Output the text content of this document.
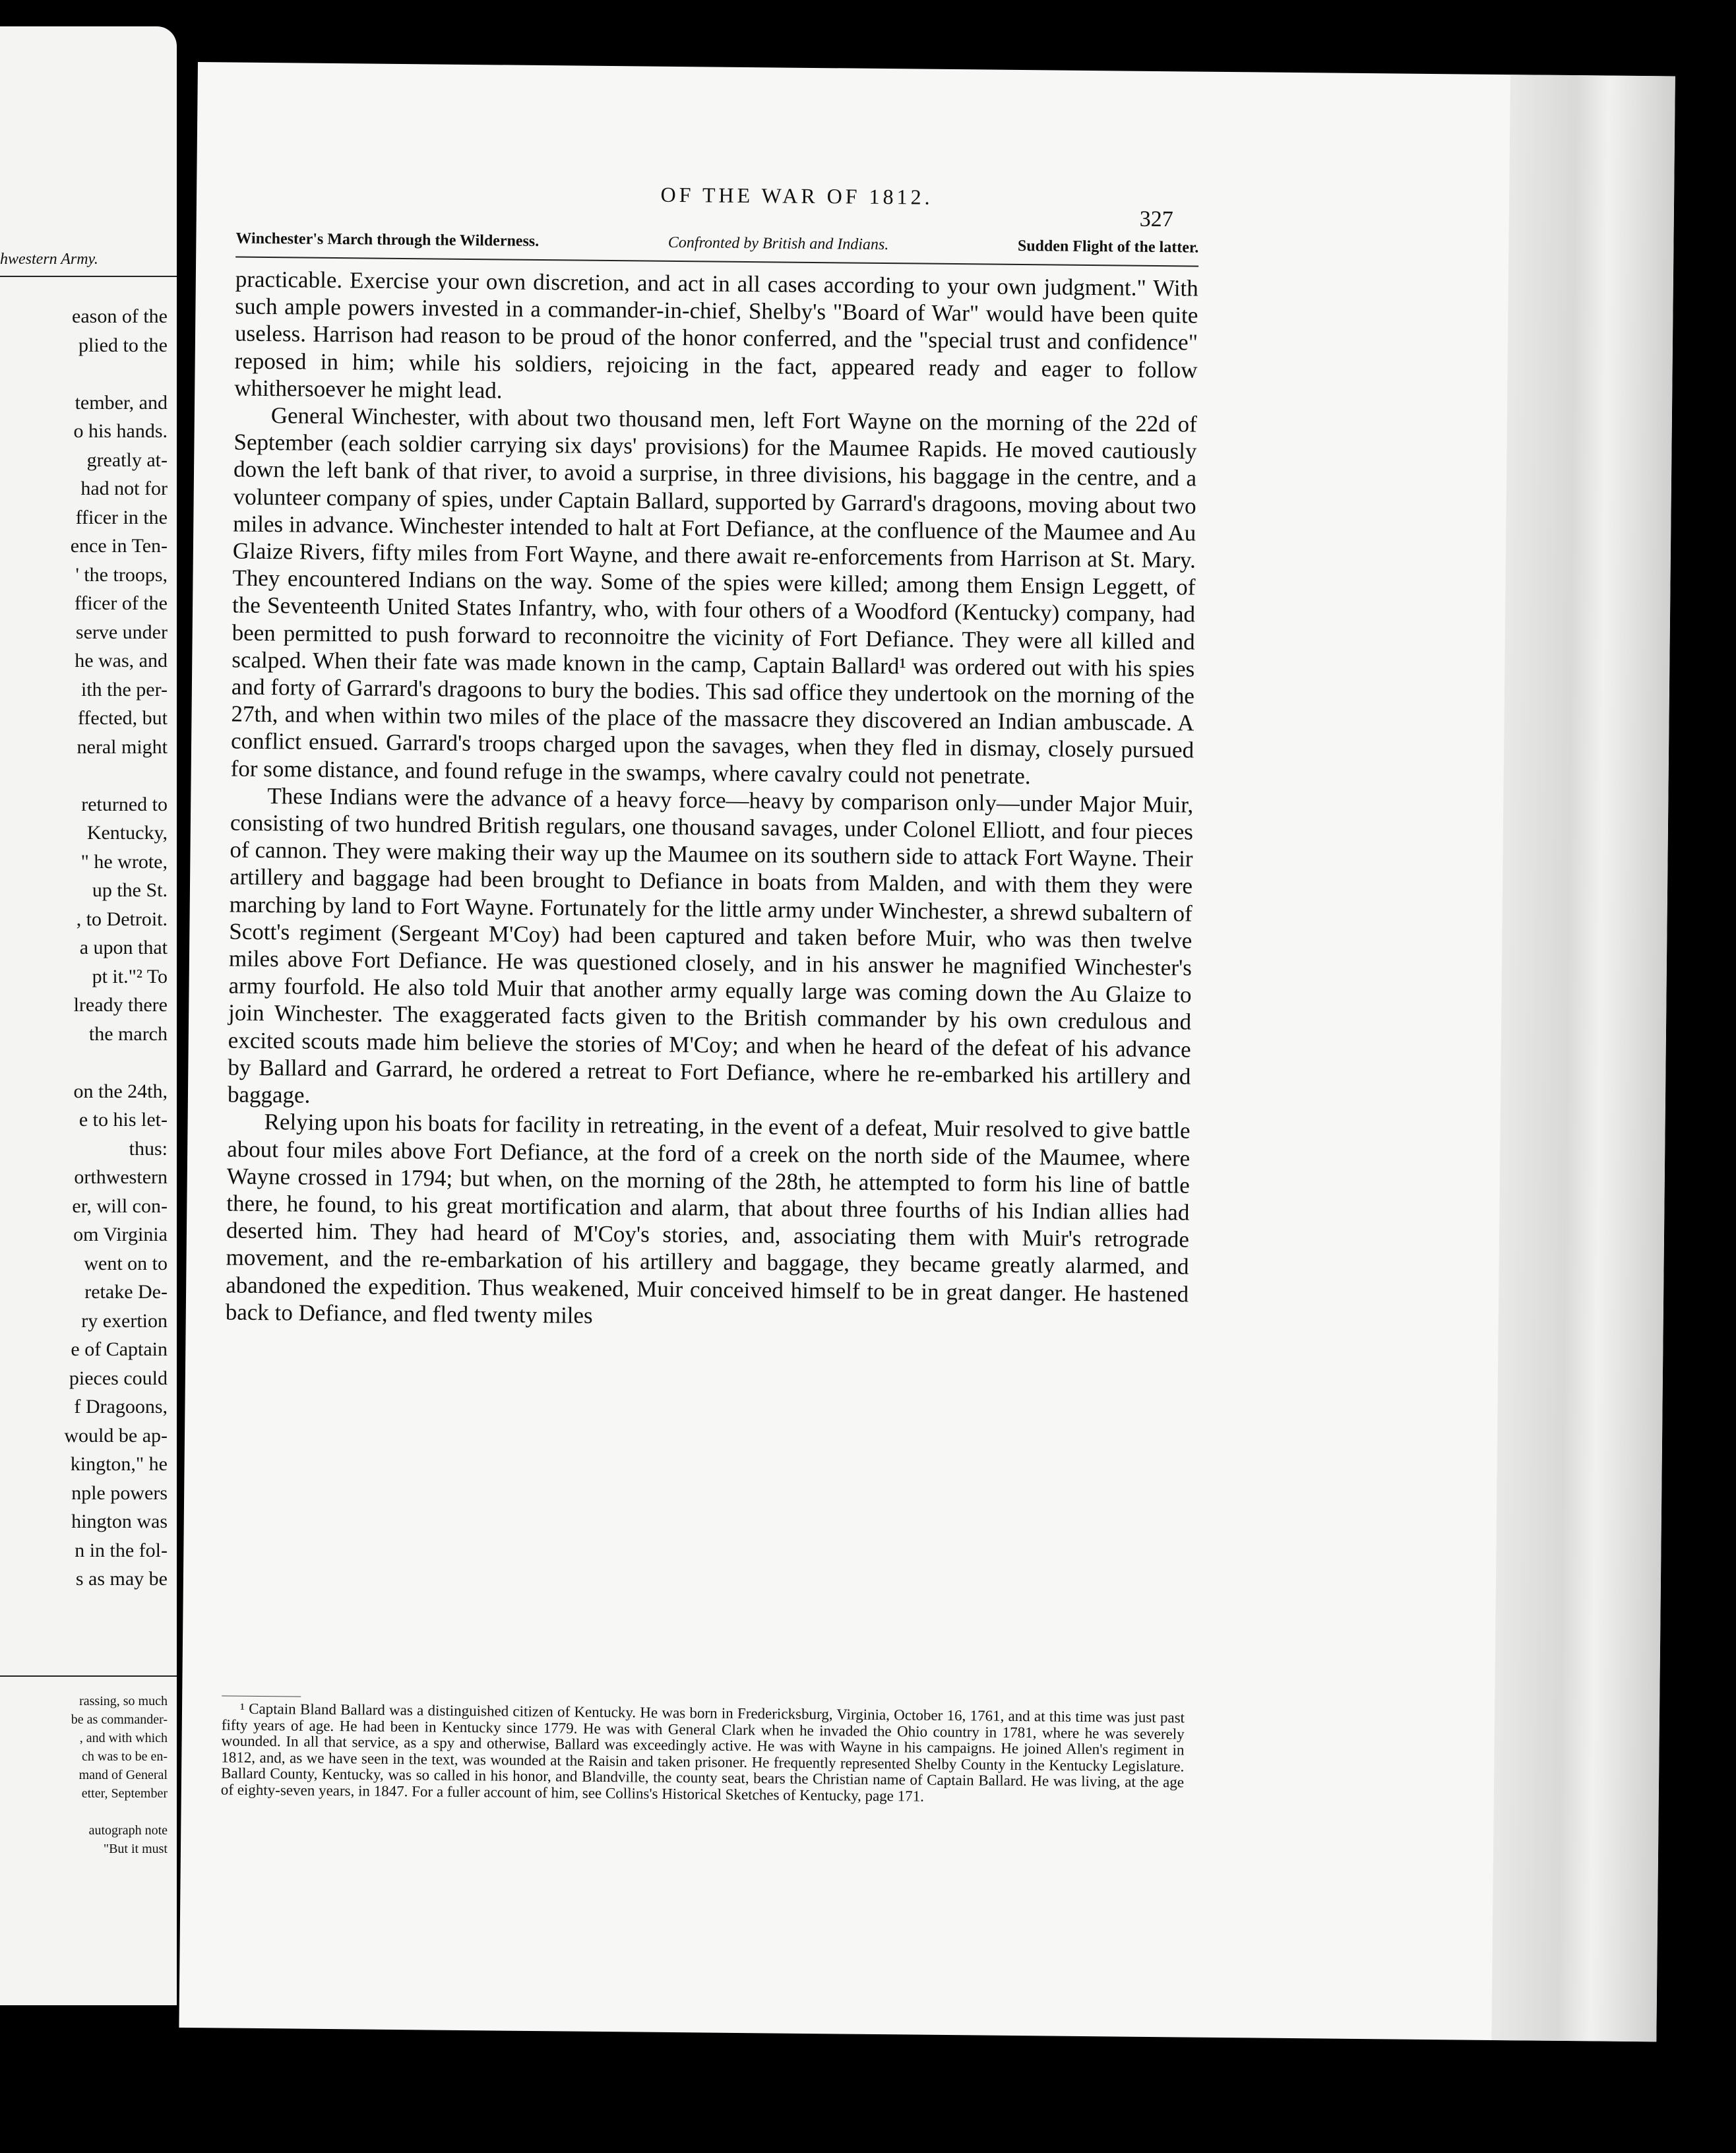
hwestern Army.
eason of the
plied to the

tember, and
o his hands.
greatly at-
had not for
fficer in the
ence in Ten-
' the troops,
fficer of the
serve under
he was, and
ith the per-
ffected, but
neral might

returned to
Kentucky,
" he wrote,
up the St.
, to Detroit.
a upon that
pt it."² To
lready there
the march

on the 24th,
e to his let-
thus:
orthwestern
er, will con-
om Virginia
went on to
retake De-
ry exertion
e of Captain
pieces could
f Dragoons,
would be ap-
kington," he
nple powers
hington was
n in the fol-
s as may be
rassing, so much
be as commander-
, and with which
ch was to be en-
mand of General
etter, September

autograph note
"But it must
OF THE WAR OF 1812.
327
Winchester's March through the Wilderness.	Confronted by British and Indians.	Sudden Flight of the latter.

practicable. Exercise your own discretion, and act in all cases according to your own judgment." With such ample powers invested in a commander-in-chief, Shelby's "Board of War" would have been quite useless. Harrison had reason to be proud of the honor conferred, and the "special trust and confidence" reposed in him; while his soldiers, rejoicing in the fact, appeared ready and eager to follow whithersoever he might lead.

General Winchester, with about two thousand men, left Fort Wayne on the morning of the 22d of September (each soldier carrying six days' provisions) for the Maumee Rapids. He moved cautiously down the left bank of that river, to avoid a surprise, in three divisions, his baggage in the centre, and a volunteer company of spies, under Captain Ballard, supported by Garrard's dragoons, moving about two miles in advance. Winchester intended to halt at Fort Defiance, at the confluence of the Maumee and Au Glaize Rivers, fifty miles from Fort Wayne, and there await re-enforcements from Harrison at St. Mary. They encountered Indians on the way. Some of the spies were killed; among them Ensign Leggett, of the Seventeenth United States Infantry, who, with four others of a Woodford (Kentucky) company, had been permitted to push forward to reconnoitre the vicinity of Fort Defiance. They were all killed and scalped. When their fate was made known in the camp, Captain Ballard¹ was ordered out with his spies and forty of Garrard's dragoons to bury the bodies. This sad office they undertook on the morning of the 27th, and when within two miles of the place of the massacre they discovered an Indian ambuscade. A conflict ensued. Garrard's troops charged upon the savages, when they fled in dismay, closely pursued for some distance, and found refuge in the swamps, where cavalry could not penetrate.

These Indians were the advance of a heavy force—heavy by comparison only—under Major Muir, consisting of two hundred British regulars, one thousand savages, under Colonel Elliott, and four pieces of cannon. They were making their way up the Maumee on its southern side to attack Fort Wayne. Their artillery and baggage had been brought to Defiance in boats from Malden, and with them they were marching by land to Fort Wayne. Fortunately for the little army under Winchester, a shrewd subaltern of Scott's regiment (Sergeant M'Coy) had been captured and taken before Muir, who was then twelve miles above Fort Defiance. He was questioned closely, and in his answer he magnified Winchester's army fourfold. He also told Muir that another army equally large was coming down the Au Glaize to join Winchester. The exaggerated facts given to the British commander by his own credulous and excited scouts made him believe the stories of M'Coy; and when he heard of the defeat of his advance by Ballard and Garrard, he ordered a retreat to Fort Defiance, where he re-embarked his artillery and baggage.

Relying upon his boats for facility in retreating, in the event of a defeat, Muir resolved to give battle about four miles above Fort Defiance, at the ford of a creek on the north side of the Maumee, where Wayne crossed in 1794; but when, on the morning of the 28th, he attempted to form his line of battle there, he found, to his great mortification and alarm, that about three fourths of his Indian allies had deserted him. They had heard of M'Coy's stories, and, associating them with Muir's retrograde movement, and the re-embarkation of his artillery and baggage, they became greatly alarmed, and abandoned the expedition. Thus weakened, Muir conceived himself to be in great danger. He hastened back to Defiance, and fled twenty miles

¹ Captain Bland Ballard was a distinguished citizen of Kentucky. He was born in Fredericksburg, Virginia, October 16, 1761, and at this time was just past fifty years of age. He had been in Kentucky since 1779. He was with General Clark when he invaded the Ohio country in 1781, where he was severely wounded. In all that service, as a spy and otherwise, Ballard was exceedingly active. He was with Wayne in his campaigns. He joined Allen's regiment in 1812, and, as we have seen in the text, was wounded at the Raisin and taken prisoner. He frequently represented Shelby County in the Kentucky Legislature. Ballard County, Kentucky, was so called in his honor, and Blandville, the county seat, bears the Christian name of Captain Ballard. He was living, at the age of eighty-seven years, in 1847. For a fuller account of him, see Collins's Historical Sketches of Kentucky, page 171.
